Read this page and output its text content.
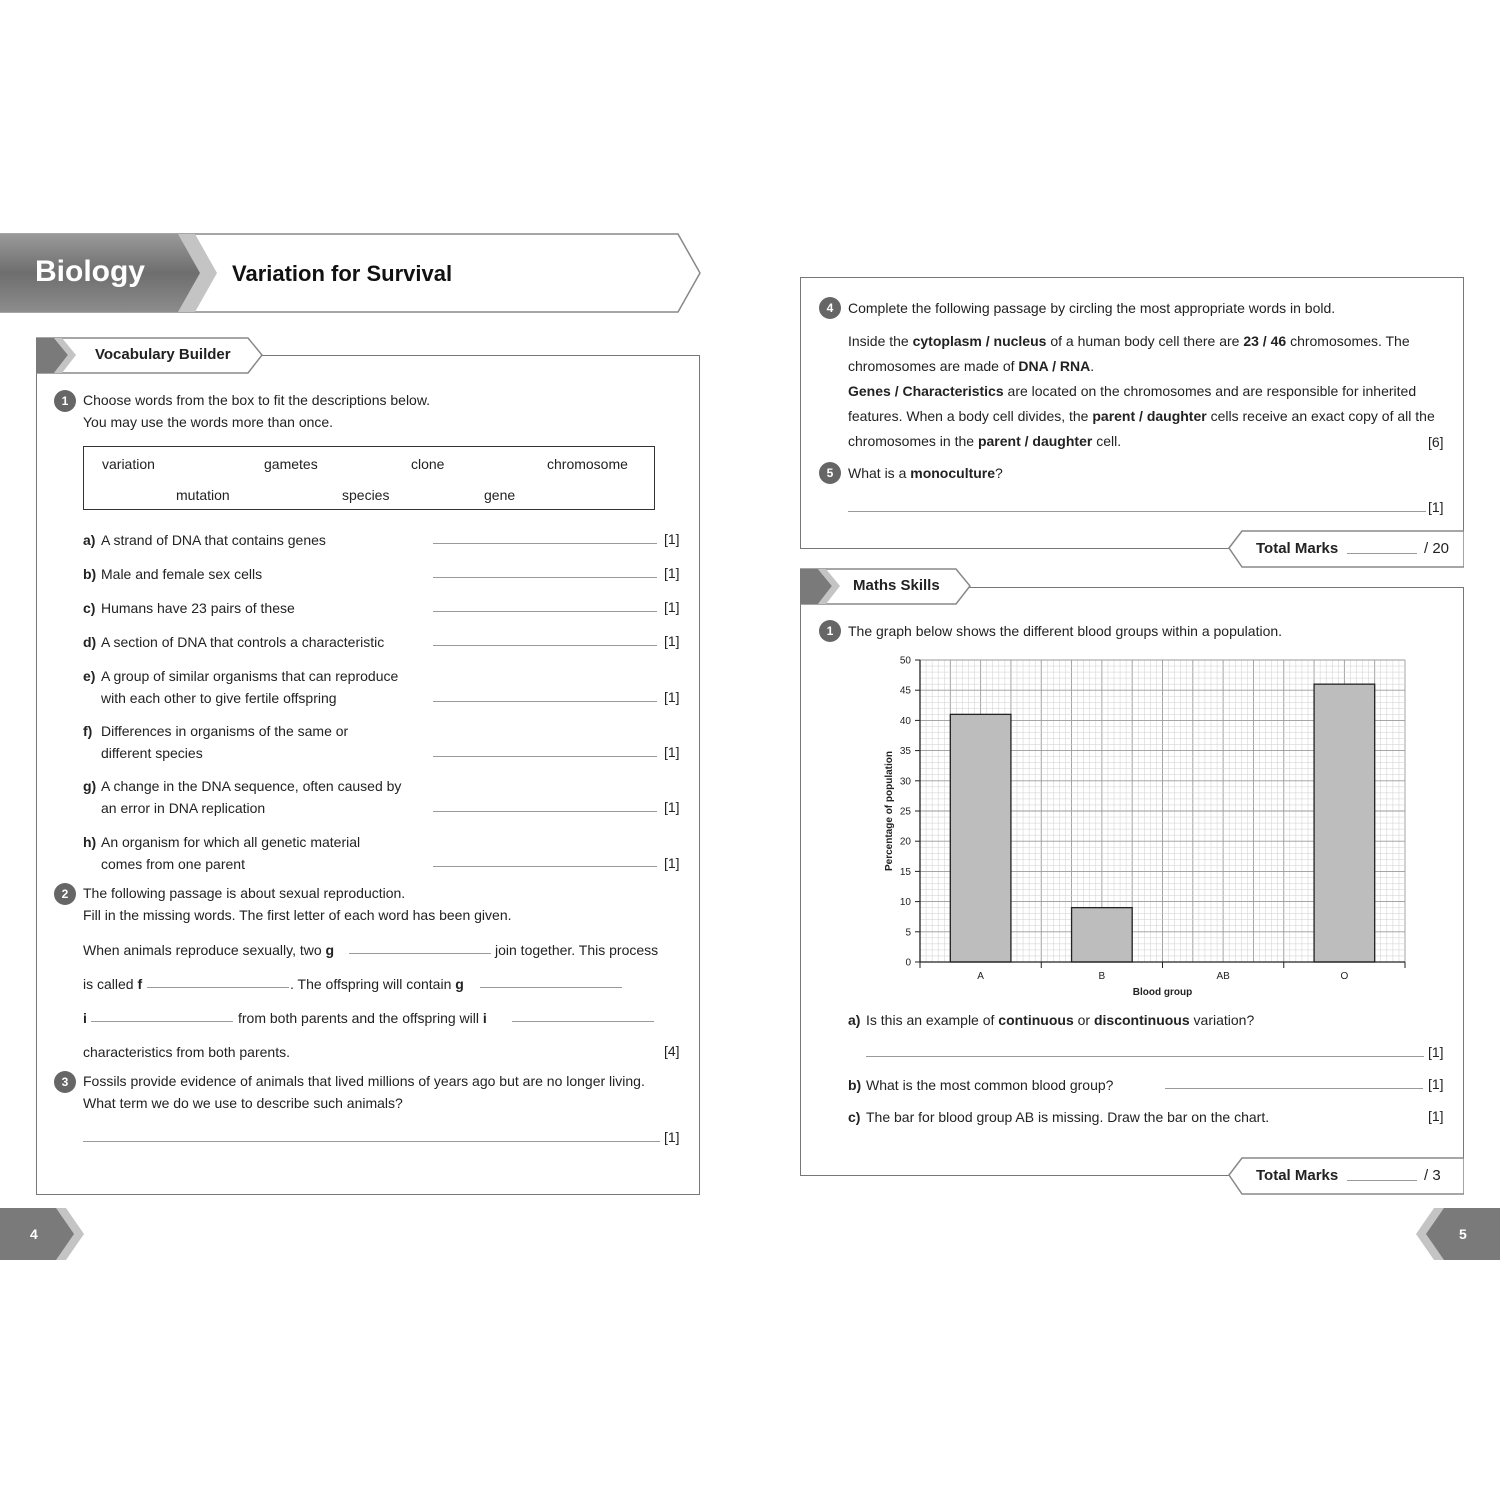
Biology	Variation for Survival
Vocabulary Builder
1	Choose words from the box to fit the descriptions below.
You may use the words more than once.
variation	gametes	clone	chromosome
mutation	species	gene
a) A strand of DNA that contains genes	[1]
b) Male and female sex cells	[1]
c) Humans have 23 pairs of these	[1]
d) A section of DNA that controls a characteristic	[1]
e) A group of similar organisms that can reproduce
with each other to give fertile offspring	[1]
f) Differences in organisms of the same or
different species	[1]
g) A change in the DNA sequence, often caused by
an error in DNA replication	[1]
h) An organism for which all genetic material
comes from one parent	[1]
2	The following passage is about sexual reproduction.
Fill in the missing words. The first letter of each word has been given.
When animals reproduce sexually, two g	join together. This process
is called f	. The offspring will contain g
i	from both parents and the offspring will i
characteristics from both parents.	[4]
3	Fossils provide evidence of animals that lived millions of years ago but are no longer living.
What term we do we use to describe such animals?
[1]
4	Complete the following passage by circling the most appropriate words in bold.
Inside the cytoplasm / nucleus of a human body cell there are 23 / 46 chromosomes. The
chromosomes are made of DNA / RNA.
Genes / Characteristics are located on the chromosomes and are responsible for inherited
features. When a body cell divides, the parent / daughter cells receive an exact copy of all the
chromosomes in the parent / daughter cell.	[6]
5	What is a monoculture?
[1]
Total Marks	/ 20
Maths Skills
1	The graph below shows the different blood groups within a population.
A	B	AB	O
0
5
10
15
20
25
30
35
40
45
50
Blood group
Percentage of population
a) Is this an example of continuous or discontinuous variation?
[1]
b) What is the most common blood group?	[1]
c) The bar for blood group AB is missing. Draw the bar on the chart.	[1]
Total Marks	/ 3
4	5
